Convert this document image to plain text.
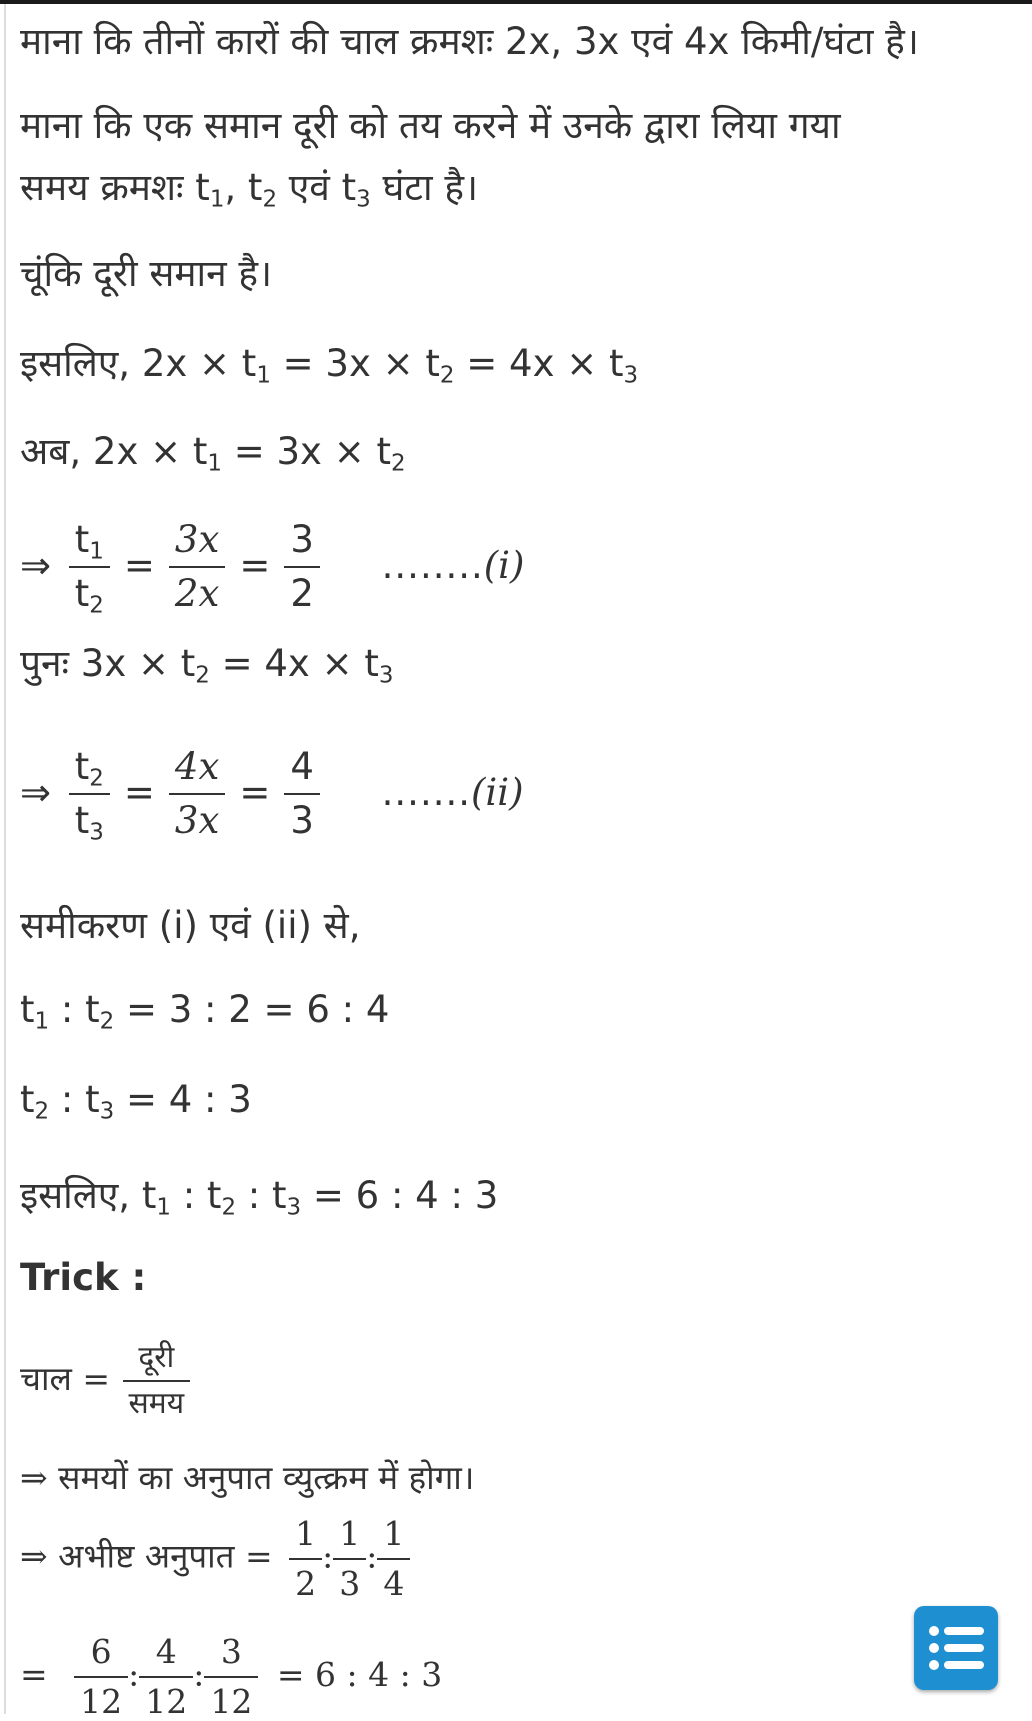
माना कि तीनों कारों की चाल क्रमशः 2x, 3x एवं 4x किमी/घंटा है।
माना कि एक समान दूरी को तय करने में उनके द्वारा लिया गया
समय क्रमशः $t_1$, $t_2$ एवं $t_3$ घंटा है।
चूंकि दूरी समान है।
इसलिए, $2x \times t_1 = 3x \times t_2 = 4x \times t_3$
अब, $2x \times t_1 = 3x \times t_2$
⇒ $\frac{t_1}{t_2} = \frac{3x}{2x} = \frac{3}{2} ........(i)$
पुनः $3x \times t_2 = 4x \times t_3$
⇒ $\frac{t_2}{t_3} = \frac{4x}{3x} = \frac{4}{3} .......(ii)$
समीकरण (i) एवं (ii) से,
$t_1$ : $t_2 = 3$ : 2 = 6 : 4
$t_2$ : $t_3 = 4$ : 3
इसलिए, $t_1$ : $t_2$ : $t_3 = 6$ : 4 : 3
Trick :
चाल = $\frac{\text{दूरी}}{\text{समय}}$
⇒ समयों का अनुपात व्युत्क्रम में होगा।
⇒ अभीष्ट अनुपात = $\frac{1}{2}$ : $\frac{1}{3}$ : $\frac{1}{4}$
= $\frac{6}{12}$ : $\frac{4}{12}$ : $\frac{3}{12} = 6$ : 4 : 3
